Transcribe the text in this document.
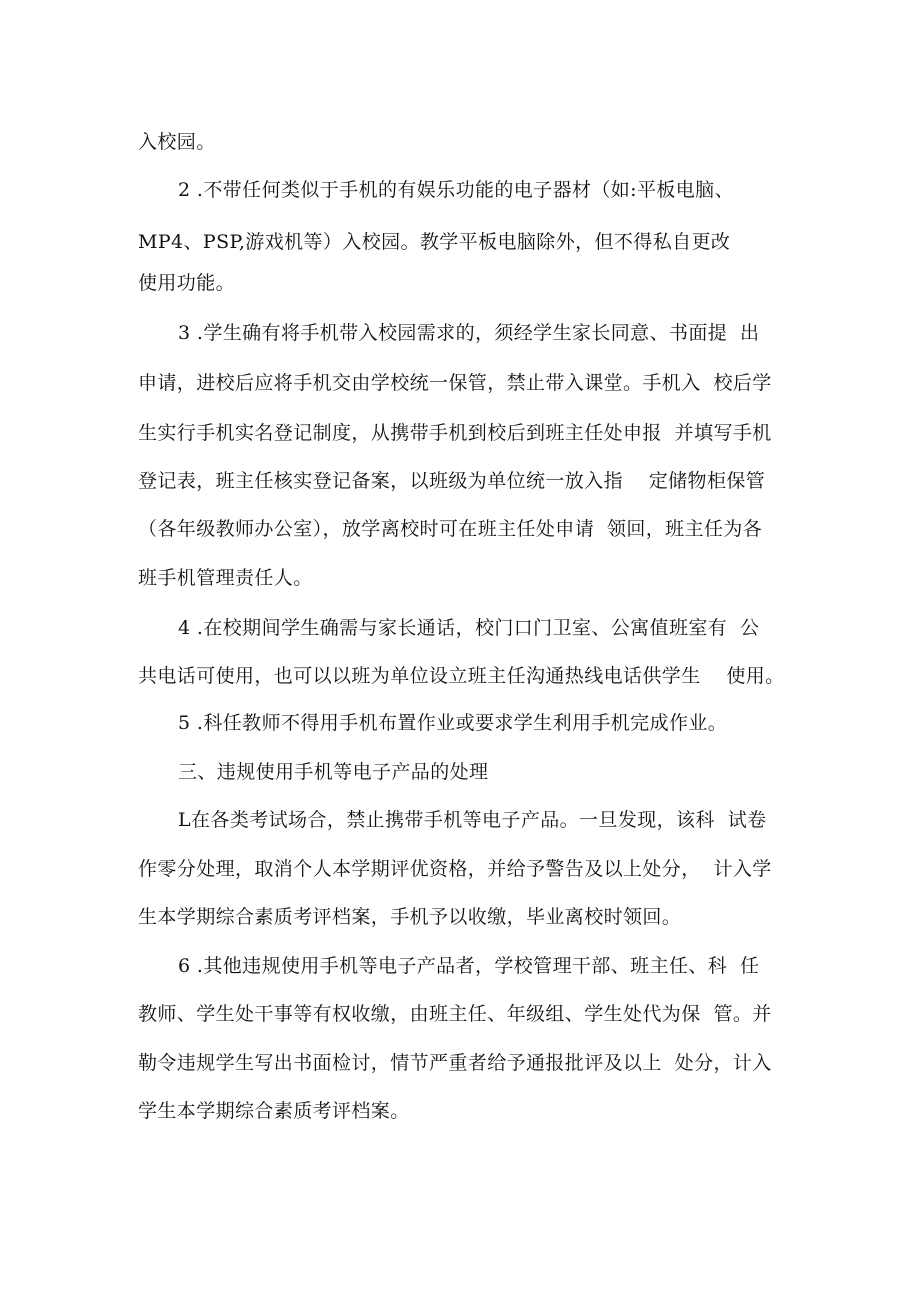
入校园。
2 .不带任何类似于手机的有娱乐功能的电子器材（如:平板电脑、
MP4、PSP,游戏机等）入校园。教学平板电脑除外，但不得私自更改
使用功能。
3 .学生确有将手机带入校园需求的，须经学生家长同意、书面提  出
申请，进校后应将手机交由学校统一保管，禁止带入课堂。手机入  校后学
生实行手机实名登记制度，从携带手机到校后到班主任处申报  并填写手机
登记表，班主任核实登记备案，以班级为单位统一放入指    定储物柜保管
（各年级教师办公室），放学离校时可在班主任处申请  领回，班主任为各
班手机管理责任人。
4 .在校期间学生确需与家长通话，校门口门卫室、公寓值班室有  公
共电话可使用，也可以以班为单位设立班主任沟通热线电话供学生    使用。
5 .科任教师不得用手机布置作业或要求学生利用手机完成作业。
三、违规使用手机等电子产品的处理
L在各类考试场合，禁止携带手机等电子产品。一旦发现，该科  试卷
作零分处理，取消个人本学期评优资格，并给予警告及以上处分，  计入学
生本学期综合素质考评档案，手机予以收缴，毕业离校时领回。
6 .其他违规使用手机等电子产品者，学校管理干部、班主任、科  任
教师、学生处干事等有权收缴，由班主任、年级组、学生处代为保  管。并
勒令违规学生写出书面检讨，情节严重者给予通报批评及以上  处分，计入
学生本学期综合素质考评档案。
